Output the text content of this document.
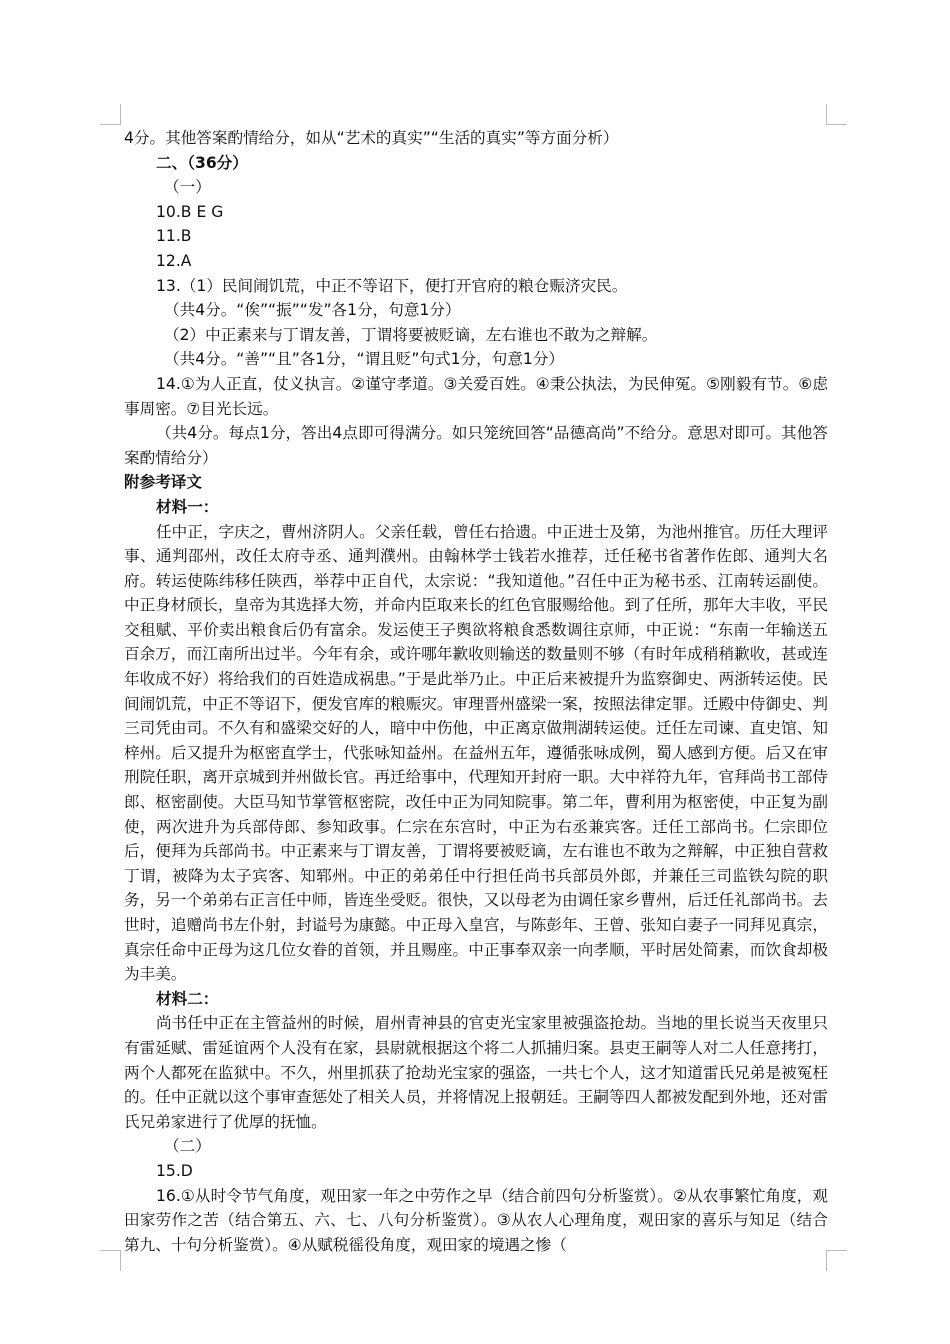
4分。其他答案酌情给分，如从“艺术的真实”“生活的真实”等方面分析）

二、（36分）

（一）

10.B E G

11.B

12.A

13.（1）民间闹饥荒，中正不等诏下，便打开官府的粮仓赈济灾民。

（共4分。“俟”“振”“发”各1分，句意1分）

（2）中正素来与丁谓友善，丁谓将要被贬谪，左右谁也不敢为之辩解。

（共4分。“善”“且”各1分，“谓且贬”句式1分，句意1分）

14.①为人正直，仗义执言。②谨守孝道。③关爱百姓。④秉公执法，为民伸冤。⑤刚毅有节。⑥虑事周密。⑦目光长远。

（共4分。每点1分，答出4点即可得满分。如只笼统回答“品德高尚”不给分。意思对即可。其他答案酌情给分）

附参考译文

材料一：

任中正，字庆之，曹州济阴人。父亲任载，曾任右拾遗。中正进士及第，为池州推官。历任大理评事、通判邵州，改任太府寺丞、通判濮州。由翰林学士钱若水推荐，迁任秘书省著作佐郎、通判大名府。转运使陈纬移任陕西，举荐中正自代，太宗说：“我知道他。”召任中正为秘书丞、江南转运副使。中正身材颀长，皇帝为其选择大笏，并命内臣取来长的红色官服赐给他。到了任所，那年大丰收，平民交租赋、平价卖出粮食后仍有富余。发运使王子舆欲将粮食悉数调往京师，中正说：“东南一年输送五百余万，而江南所出过半。今年有余，或许哪年歉收则输送的数量则不够（有时年成稍稍歉收，甚或连年收成不好）将给我们的百姓造成祸患。”于是此举乃止。中正后来被提升为监察御史、两浙转运使。民间闹饥荒，中正不等诏下，便发官库的粮赈灾。审理晋州盛梁一案，按照法律定罪。迁殿中侍御史、判三司凭由司。不久有和盛梁交好的人，暗中中伤他，中正离京做荆湖转运使。迁任左司谏、直史馆、知梓州。后又提升为枢密直学士，代张咏知益州。在益州五年，遵循张咏成例，蜀人感到方便。后又在审刑院任职，离开京城到并州做长官。再迁给事中，代理知开封府一职。大中祥符九年，官拜尚书工部侍郎、枢密副使。大臣马知节掌管枢密院，改任中正为同知院事。第二年，曹利用为枢密使，中正复为副使，两次进升为兵部侍郎、参知政事。仁宗在东宫时，中正为右丞兼宾客。迁任工部尚书。仁宗即位后，便拜为兵部尚书。中正素来与丁谓友善，丁谓将要被贬谪，左右谁也不敢为之辩解，中正独自营救丁谓，被降为太子宾客、知郓州。中正的弟弟任中行担任尚书兵部员外郎，并兼任三司监铁勾院的职务，另一个弟弟右正言任中师，皆连坐受贬。很快，又以母老为由调任家乡曹州，后迁任礼部尚书。去世时，追赠尚书左仆射，封谥号为康懿。中正母入皇宫，与陈彭年、王曾、张知白妻子一同拜见真宗，真宗任命中正母为这几位女眷的首领，并且赐座。中正事奉双亲一向孝顺，平时居处简素，而饮食却极为丰美。

材料二：

尚书任中正在主管益州的时候，眉州青神县的官吏光宝家里被强盗抢劫。当地的里长说当天夜里只有雷延赋、雷延谊两个人没有在家，县尉就根据这个将二人抓捕归案。县吏王嗣等人对二人任意拷打，两个人都死在监狱中。不久，州里抓获了抢劫光宝家的强盗，一共七个人，这才知道雷氏兄弟是被冤枉的。任中正就以这个事审查惩处了相关人员，并将情况上报朝廷。王嗣等四人都被发配到外地，还对雷氏兄弟家进行了优厚的抚恤。

（二）

15.D

16.①从时令节气角度，观田家一年之中劳作之早（结合前四句分析鉴赏）。②从农事繁忙角度，观田家劳作之苦（结合第五、六、七、八句分析鉴赏）。③从农人心理角度，观田家的喜乐与知足（结合第九、十句分析鉴赏）。④从赋税徭役角度，观田家的境遇之惨（
